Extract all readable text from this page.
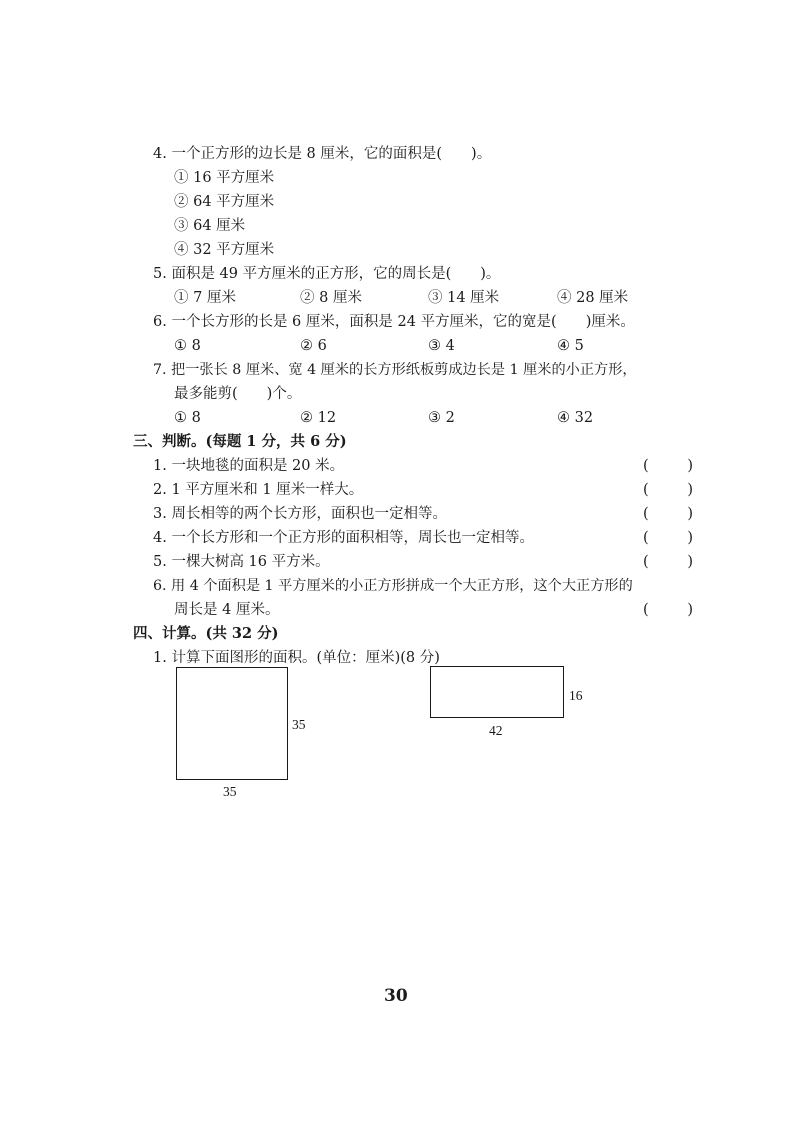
4. 一个正方形的边长是 8 厘米，它的面积是(　　)。
① 16 平方厘米
② 64 平方厘米
③ 64 厘米
④ 32 平方厘米
5. 面积是 49 平方厘米的正方形，它的周长是(　　)。
① 7 厘米	② 8 厘米	③ 14 厘米	④ 28 厘米
6. 一个长方形的长是 6 厘米，面积是 24 平方厘米，它的宽是(　　)厘米。
① 8	② 6	③ 4	④ 5
7. 把一张长 8 厘米、宽 4 厘米的长方形纸板剪成边长是 1 厘米的小正方形，
最多能剪(　　)个。
① 8	② 12	③ 2	④ 32
三、判断。(每题 1 分，共 6 分)
1. 一块地毯的面积是 20 米。	(	)
2. 1 平方厘米和 1 厘米一样大。	(	)
3. 周长相等的两个长方形，面积也一定相等。	(	)
4. 一个长方形和一个正方形的面积相等，周长也一定相等。	(	)
5. 一棵大树高 16 平方米。	(	)
6. 用 4 个面积是 1 平方厘米的小正方形拼成一个大正方形，这个大正方形的
周长是 4 厘米。	(	)
四、计算。(共 32 分)
1. 计算下面图形的面积。(单位：厘米)(8 分)
35
35
16
42
30
